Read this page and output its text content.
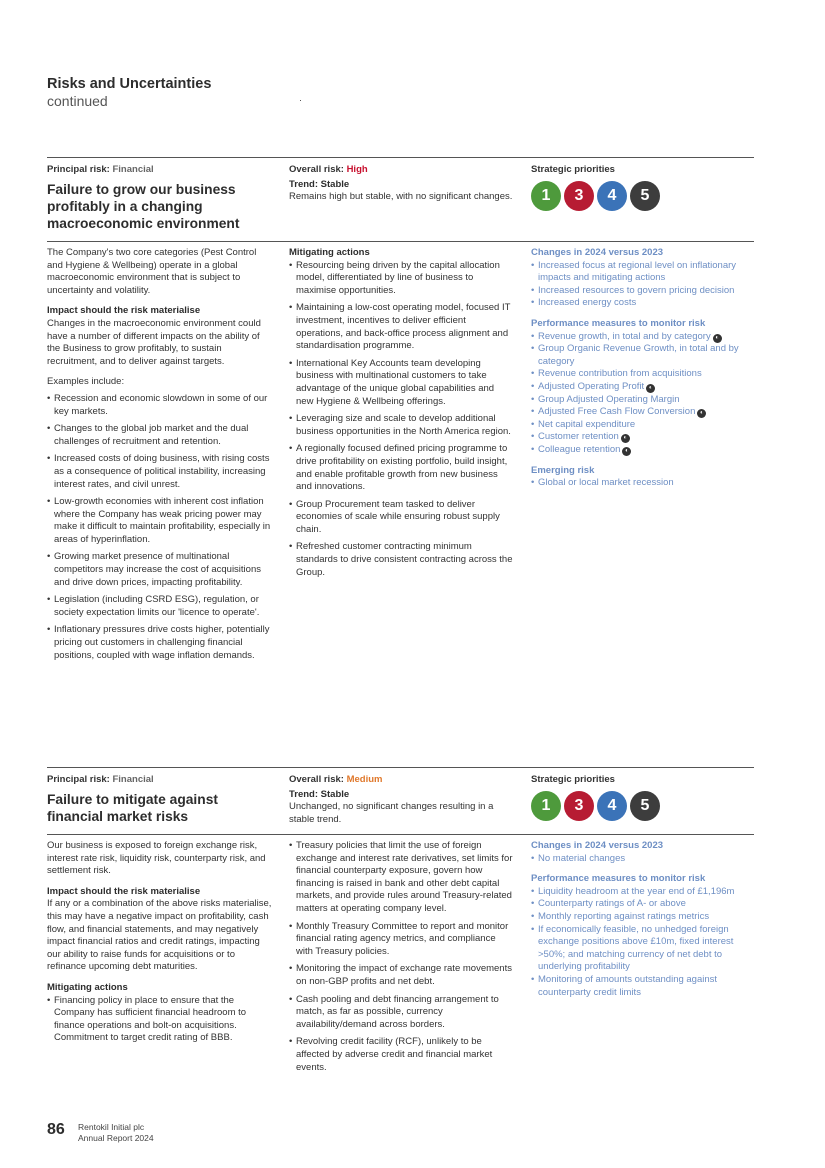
Risks and Uncertainties
continued
Principal risk: Financial
Failure to grow our business profitably in a changing macroeconomic environment
Overall risk: High
Trend: Stable
Remains high but stable, with no significant changes.
Strategic priorities
1	3	4	5
The Company's two core categories (Pest Control and Hygiene & Wellbeing) operate in a global macroeconomic environment that is subject to uncertainty and volatility.
Impact should the risk materialise
Changes in the macroeconomic environment could have a number of different impacts on the ability of the Business to grow profitably, to sustain recruitment, and to deliver against targets.
Examples include:
• Recession and economic slowdown in some of our key markets.
• Changes to the global job market and the dual challenges of recruitment and retention.
• Increased costs of doing business, with rising costs as a consequence of political instability, increasing interest rates, and civil unrest.
• Low-growth economies with inherent cost inflation where the Company has weak pricing power may make it difficult to maintain profitability, especially in areas of hyperinflation.
• Growing market presence of multinational competitors may increase the cost of acquisitions and drive down prices, impacting profitability.
• Legislation (including CSRD ESG), regulation, or society expectation limits our 'licence to operate'.
• Inflationary pressures drive costs higher, potentially pricing out customers in challenging financial positions, coupled with wage inflation demands.
Mitigating actions
• Resourcing being driven by the capital allocation model, differentiated by line of business to maximise opportunities.
• Maintaining a low-cost operating model, focused IT investment, incentives to deliver efficient operations, and back-office process alignment and standardisation programme.
• International Key Accounts team developing business with multinational customers to take advantage of the unique global capabilities and new Hygiene & Wellbeing offerings.
• Leveraging size and scale to develop additional business opportunities in the North America region.
• A regionally focused defined pricing programme to drive profitability on existing portfolio, build insight, and enable profitable growth from new business and innovations.
• Group Procurement team tasked to deliver economies of scale while ensuring robust supply chain.
• Refreshed customer contracting minimum standards to drive consistent contracting across the Group.
Changes in 2024 versus 2023
• Increased focus at regional level on inflationary impacts and mitigating actions
• Increased resources to govern pricing decision
• Increased energy costs
Performance measures to monitor risk
• Revenue growth, in total and by category ◐
• Group Organic Revenue Growth, in total and by category
• Revenue contribution from acquisitions
• Adjusted Operating Profit ◐
• Group Adjusted Operating Margin
• Adjusted Free Cash Flow Conversion ◐
• Net capital expenditure
• Customer retention ◐
• Colleague retention ◐
Emerging risk
• Global or local market recession
Principal risk: Financial
Failure to mitigate against financial market risks
Overall risk: Medium
Trend: Stable
Unchanged, no significant changes resulting in a stable trend.
Strategic priorities
1	3	4	5
Our business is exposed to foreign exchange risk, interest rate risk, liquidity risk, counterparty risk, and settlement risk.
Impact should the risk materialise
If any or a combination of the above risks materialise, this may have a negative impact on profitability, cash flow, and financial statements, and may negatively impact financial ratios and credit ratings, impacting our ability to raise funds for acquisitions or to refinance upcoming debt maturities.
Mitigating actions
• Financing policy in place to ensure that the Company has sufficient financial headroom to finance operations and bolt-on acquisitions. Commitment to target credit rating of BBB.
• Treasury policies that limit the use of foreign exchange and interest rate derivatives, set limits for financial counterparty exposure, govern how financing is raised in bank and other debt capital markets, and provide rules around Treasury-related matters at operating company level.
• Monthly Treasury Committee to report and monitor financial rating agency metrics, and compliance with Treasury policies.
• Monitoring the impact of exchange rate movements on non-GBP profits and net debt.
• Cash pooling and debt financing arrangement to match, as far as possible, currency availability/demand across borders.
• Revolving credit facility (RCF), unlikely to be affected by adverse credit and financial market events.
Changes in 2024 versus 2023
• No material changes
Performance measures to monitor risk
• Liquidity headroom at the year end of £1,196m
• Counterparty ratings of A- or above
• Monthly reporting against ratings metrics
• If economically feasible, no unhedged foreign exchange positions above £10m, fixed interest >50%; and matching currency of net debt to underlying profitability
• Monitoring of amounts outstanding against counterparty credit limits
86 Rentokil Initial plc
Annual Report 2024
